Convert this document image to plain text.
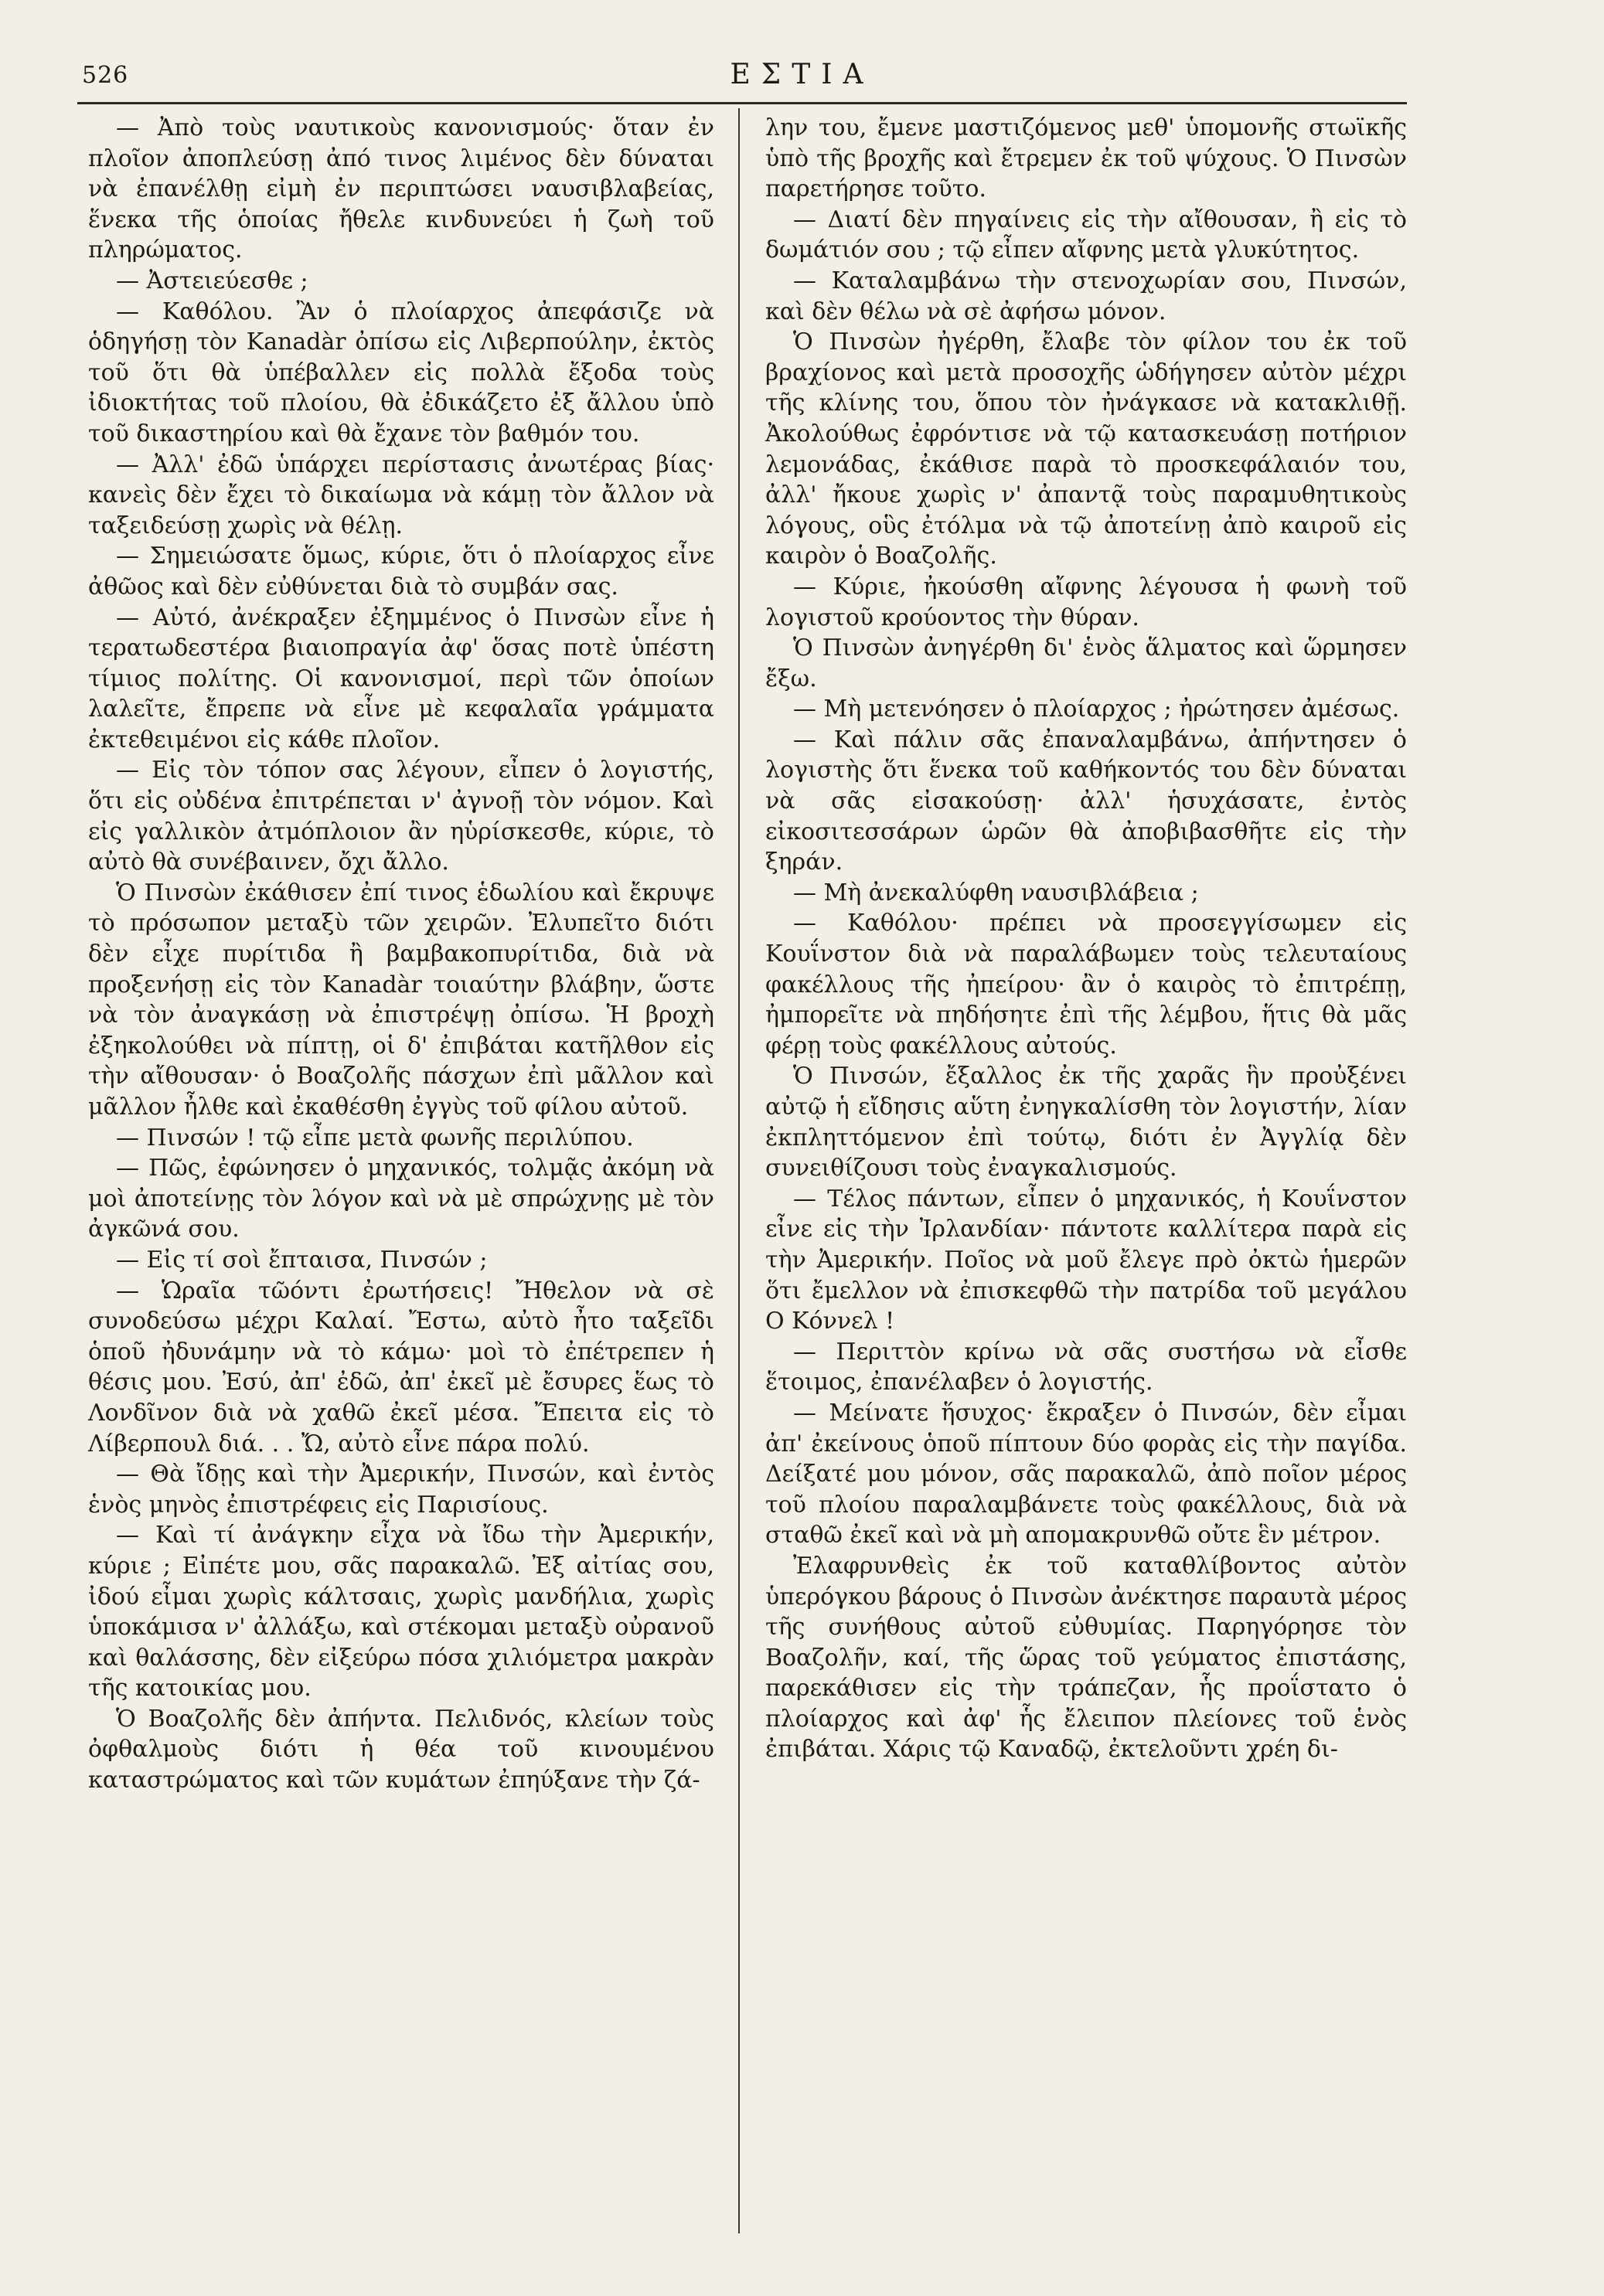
526	ΕΣΤΙΑ

— Ἀπὸ τοὺς ναυτικοὺς κανονισμούς· ὅταν ἐν πλοῖον ἀποπλεύσῃ ἀπό τινος λιμένος δὲν δύναται νὰ ἐπανέλθῃ εἰμὴ ἐν περιπτώσει ναυσιβλαβείας, ἕνεκα τῆς ὁποίας ἤθελε κινδυνεύει ἡ ζωὴ τοῦ πληρώματος.

— Ἀστειεύεσθε ;

— Καθόλου. Ἂν ὁ πλοίαρχος ἀπεφάσιζε νὰ ὁδηγήσῃ τὸν Kanadàr ὀπίσω εἰς Λιβερπούλην, ἐκτὸς τοῦ ὅτι θὰ ὑπέβαλλεν εἰς πολλὰ ἔξοδα τοὺς ἰδιοκτήτας τοῦ πλοίου, θὰ ἐδικάζετο ἐξ ἄλλου ὑπὸ τοῦ δικαστηρίου καὶ θὰ ἔχανε τὸν βαθμόν του.

— Ἀλλ' ἐδῶ ὑπάρχει περίστασις ἀνωτέρας βίας· κανεὶς δὲν ἔχει τὸ δικαίωμα νὰ κάμῃ τὸν ἄλλον νὰ ταξειδεύσῃ χωρὶς νὰ θέλῃ.

— Σημειώσατε ὅμως, κύριε, ὅτι ὁ πλοίαρχος εἶνε ἀθῶος καὶ δὲν εὐθύνεται διὰ τὸ συμβάν σας.

— Αὐτό, ἀνέκραξεν ἐξημμένος ὁ Πινσὼν εἶνε ἡ τερατωδεστέρα βιαιοπραγία ἀφ' ὅσας ποτὲ ὑπέστη τίμιος πολίτης. Οἱ κανονισμοί, περὶ τῶν ὁποίων λαλεῖτε, ἔπρεπε νὰ εἶνε μὲ κεφαλαῖα γράμματα ἐκτεθειμένοι εἰς κάθε πλοῖον.

— Εἰς τὸν τόπον σας λέγουν, εἶπεν ὁ λογιστής, ὅτι εἰς οὐδένα ἐπιτρέπεται ν' ἀγνοῇ τὸν νόμον. Καὶ εἰς γαλλικὸν ἀτμόπλοιον ἂν ηὑρίσκεσθε, κύριε, τὸ αὐτὸ θὰ συνέβαινεν, ὄχι ἄλλο.

Ὁ Πινσὼν ἐκάθισεν ἐπί τινος ἑδωλίου καὶ ἔκρυψε τὸ πρόσωπον μεταξὺ τῶν χειρῶν. Ἐλυπεῖτο διότι δὲν εἶχε πυρίτιδα ἢ βαμβακοπυρίτιδα, διὰ νὰ προξενήσῃ εἰς τὸν Kanadàr τοιαύτην βλάβην, ὥστε νὰ τὸν ἀναγκάσῃ νὰ ἐπιστρέψῃ ὀπίσω. Ἡ βροχὴ ἐξηκολούθει νὰ πίπτῃ, οἱ δ' ἐπιβάται κατῆλθον εἰς τὴν αἴθουσαν· ὁ Βοαζολῆς πάσχων ἐπὶ μᾶλλον καὶ μᾶλλον ἦλθε καὶ ἐκαθέσθη ἐγγὺς τοῦ φίλου αὐτοῦ.

— Πινσών ! τῷ εἶπε μετὰ φωνῆς περιλύπου.

— Πῶς, ἐφώνησεν ὁ μηχανικός, τολμᾷς ἀκόμη νὰ μοὶ ἀποτείνῃς τὸν λόγον καὶ νὰ μὲ σπρώχνῃς μὲ τὸν ἀγκῶνά σου.

— Εἰς τί σοὶ ἔπταισα, Πινσών ;

— Ὡραῖα τῶόντι ἐρωτήσεις! Ἤθελον νὰ σὲ συνοδεύσω μέχρι Καλαί. Ἔστω, αὐτὸ ἦτο ταξεῖδι ὁποῦ ἠδυνάμην νὰ τὸ κάμω· μοὶ τὸ ἐπέτρεπεν ἡ θέσις μου. Ἐσύ, ἀπ' ἐδῶ, ἀπ' ἐκεῖ μὲ ἔσυρες ἕως τὸ Λονδῖνον διὰ νὰ χαθῶ ἐκεῖ μέσα. Ἔπειτα εἰς τὸ Λίβερπουλ διά. . . Ὤ, αὐτὸ εἶνε πάρα πολύ.

— Θὰ ἴδῃς καὶ τὴν Ἀμερικήν, Πινσών, καὶ ἐντὸς ἑνὸς μηνὸς ἐπιστρέφεις εἰς Παρισίους.

— Καὶ τί ἀνάγκην εἶχα νὰ ἴδω τὴν Ἀμερικήν, κύριε ; Εἰπέτε μου, σᾶς παρακαλῶ. Ἐξ αἰτίας σου, ἰδού εἶμαι χωρὶς κάλτσαις, χωρὶς μανδήλια, χωρὶς ὑποκάμισα ν' ἀλλάξω, καὶ στέκομαι μεταξὺ οὐρανοῦ καὶ θαλάσσης, δὲν εἰξεύρω πόσα χιλιόμετρα μακρὰν τῆς κατοικίας μου.

Ὁ Βοαζολῆς δὲν ἀπήντα. Πελιδνός, κλείων τοὺς ὀφθαλμοὺς διότι ἡ θέα τοῦ κινουμένου καταστρώματος καὶ τῶν κυμάτων ἐπηύξανε τὴν ζά-

λην του, ἔμενε μαστιζόμενος μεθ' ὑπομονῆς στωϊκῆς ὑπὸ τῆς βροχῆς καὶ ἔτρεμεν ἐκ τοῦ ψύχους. Ὁ Πινσὼν παρετήρησε τοῦτο.

— Διατί δὲν πηγαίνεις εἰς τὴν αἴθουσαν, ἢ εἰς τὸ δωμάτιόν σου ; τῷ εἶπεν αἴφνης μετὰ γλυκύτητος.

— Καταλαμβάνω τὴν στενοχωρίαν σου, Πινσών, καὶ δὲν θέλω νὰ σὲ ἀφήσω μόνον.

Ὁ Πινσὼν ἠγέρθη, ἔλαβε τὸν φίλον του ἐκ τοῦ βραχίονος καὶ μετὰ προσοχῆς ὡδήγησεν αὐτὸν μέχρι τῆς κλίνης του, ὅπου τὸν ἠνάγκασε νὰ κατακλιθῇ. Ἀκολούθως ἐφρόντισε νὰ τῷ κατασκευάσῃ ποτήριον λεμονάδας, ἐκάθισε παρὰ τὸ προσκεφάλαιόν του, ἀλλ' ἤκουε χωρὶς ν' ἀπαντᾷ τοὺς παραμυθητικοὺς λόγους, οὓς ἐτόλμα νὰ τῷ ἀποτείνῃ ἀπὸ καιροῦ εἰς καιρὸν ὁ Βοαζολῆς.

— Κύριε, ἠκούσθη αἴφνης λέγουσα ἡ φωνὴ τοῦ λογιστοῦ κρούοντος τὴν θύραν.

Ὁ Πινσὼν ἀνηγέρθη δι' ἑνὸς ἅλματος καὶ ὥρμησεν ἔξω.

— Μὴ μετενόησεν ὁ πλοίαρχος ; ἠρώτησεν ἀμέσως.

— Καὶ πάλιν σᾶς ἐπαναλαμβάνω, ἀπήντησεν ὁ λογιστὴς ὅτι ἕνεκα τοῦ καθήκοντός του δὲν δύναται νὰ σᾶς εἰσακούσῃ· ἀλλ' ἡσυχάσατε, ἐντὸς εἰκοσιτεσσάρων ὡρῶν θὰ ἀποβιβασθῆτε εἰς τὴν ξηράν.

— Μὴ ἀνεκαλύφθη ναυσιβλάβεια ;

— Καθόλου· πρέπει νὰ προσεγγίσωμεν εἰς Κουΐνστον διὰ νὰ παραλάβωμεν τοὺς τελευταίους φακέλλους τῆς ἠπείρου· ἂν ὁ καιρὸς τὸ ἐπιτρέπῃ, ἠμπορεῖτε νὰ πηδήσητε ἐπὶ τῆς λέμβου, ἥτις θὰ μᾶς φέρῃ τοὺς φακέλλους αὐτούς.

Ὁ Πινσών, ἔξαλλος ἐκ τῆς χαρᾶς ἣν προὐξένει αὐτῷ ἡ εἴδησις αὕτη ἐνηγκαλίσθη τὸν λογιστήν, λίαν ἐκπληττόμενον ἐπὶ τούτῳ, διότι ἐν Ἀγγλίᾳ δὲν συνειθίζουσι τοὺς ἐναγκαλισμούς.

— Τέλος πάντων, εἶπεν ὁ μηχανικός, ἡ Κουΐνστον εἶνε εἰς τὴν Ἰρλανδίαν· πάντοτε καλλίτερα παρὰ εἰς τὴν Ἀμερικήν. Ποῖος νὰ μοῦ ἔλεγε πρὸ ὀκτὼ ἡμερῶν ὅτι ἔμελλον νὰ ἐπισκεφθῶ τὴν πατρίδα τοῦ μεγάλου Ο Κόννελ !

— Περιττὸν κρίνω νὰ σᾶς συστήσω νὰ εἶσθε ἕτοιμος, ἐπανέλαβεν ὁ λογιστής.

— Μείνατε ἥσυχος· ἔκραξεν ὁ Πινσών, δὲν εἶμαι ἀπ' ἐκείνους ὁποῦ πίπτουν δύο φορὰς εἰς τὴν παγίδα. Δείξατέ μου μόνον, σᾶς παρακαλῶ, ἀπὸ ποῖον μέρος τοῦ πλοίου παραλαμβάνετε τοὺς φακέλλους, διὰ νὰ σταθῶ ἐκεῖ καὶ νὰ μὴ απομακρυνθῶ οὔτε ἓν μέτρον.

Ἐλαφρυνθεὶς ἐκ τοῦ καταθλίβοντος αὐτὸν ὑπερόγκου βάρους ὁ Πινσὼν ἀνέκτησε παραυτὰ μέρος τῆς συνήθους αὐτοῦ εὐθυμίας. Παρηγόρησε τὸν Βοαζολῆν, καί, τῆς ὥρας τοῦ γεύματος ἐπιστάσης, παρεκάθισεν εἰς τὴν τράπεζαν, ἧς προΐστατο ὁ πλοίαρχος καὶ ἀφ' ἧς ἔλειπον πλείονες τοῦ ἑνὸς ἐπιβάται. Χάρις τῷ Καναδῷ, ἐκτελοῦντι χρέη δι-
